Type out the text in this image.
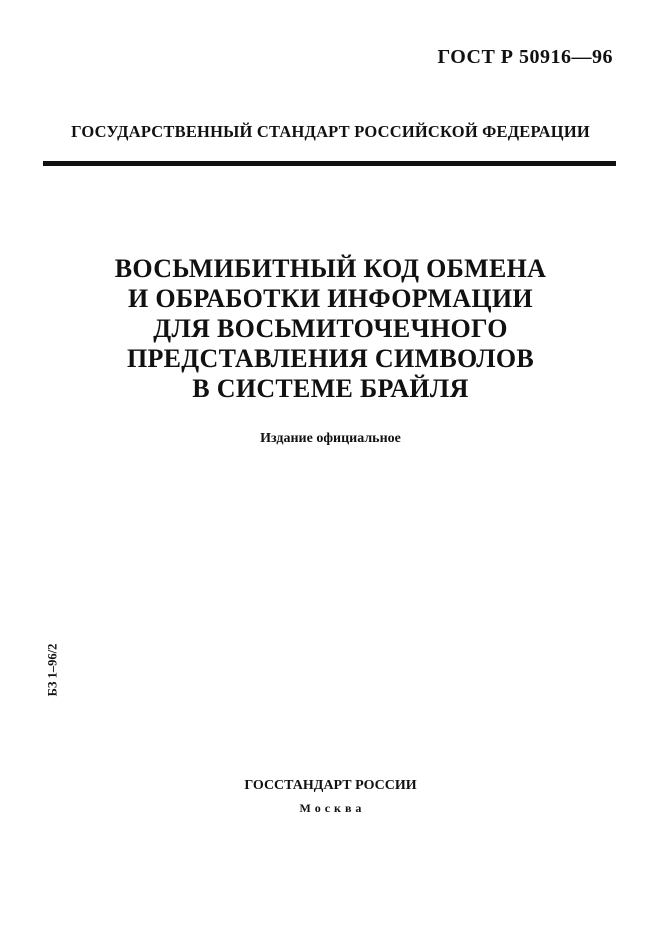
ГОСТ Р 50916—96
ГОСУДАРСТВЕННЫЙ СТАНДАРТ РОССИЙСКОЙ ФЕДЕРАЦИИ
ВОСЬМИБИТНЫЙ КОД ОБМЕНА
И ОБРАБОТКИ ИНФОРМАЦИИ
ДЛЯ ВОСЬМИТОЧЕЧНОГО
ПРЕДСТАВЛЕНИЯ СИМВОЛОВ
В СИСТЕМЕ БРАЙЛЯ
Издание официальное
БЗ 1–96/2
ГОССТАНДАРТ РОССИИ
Москва
